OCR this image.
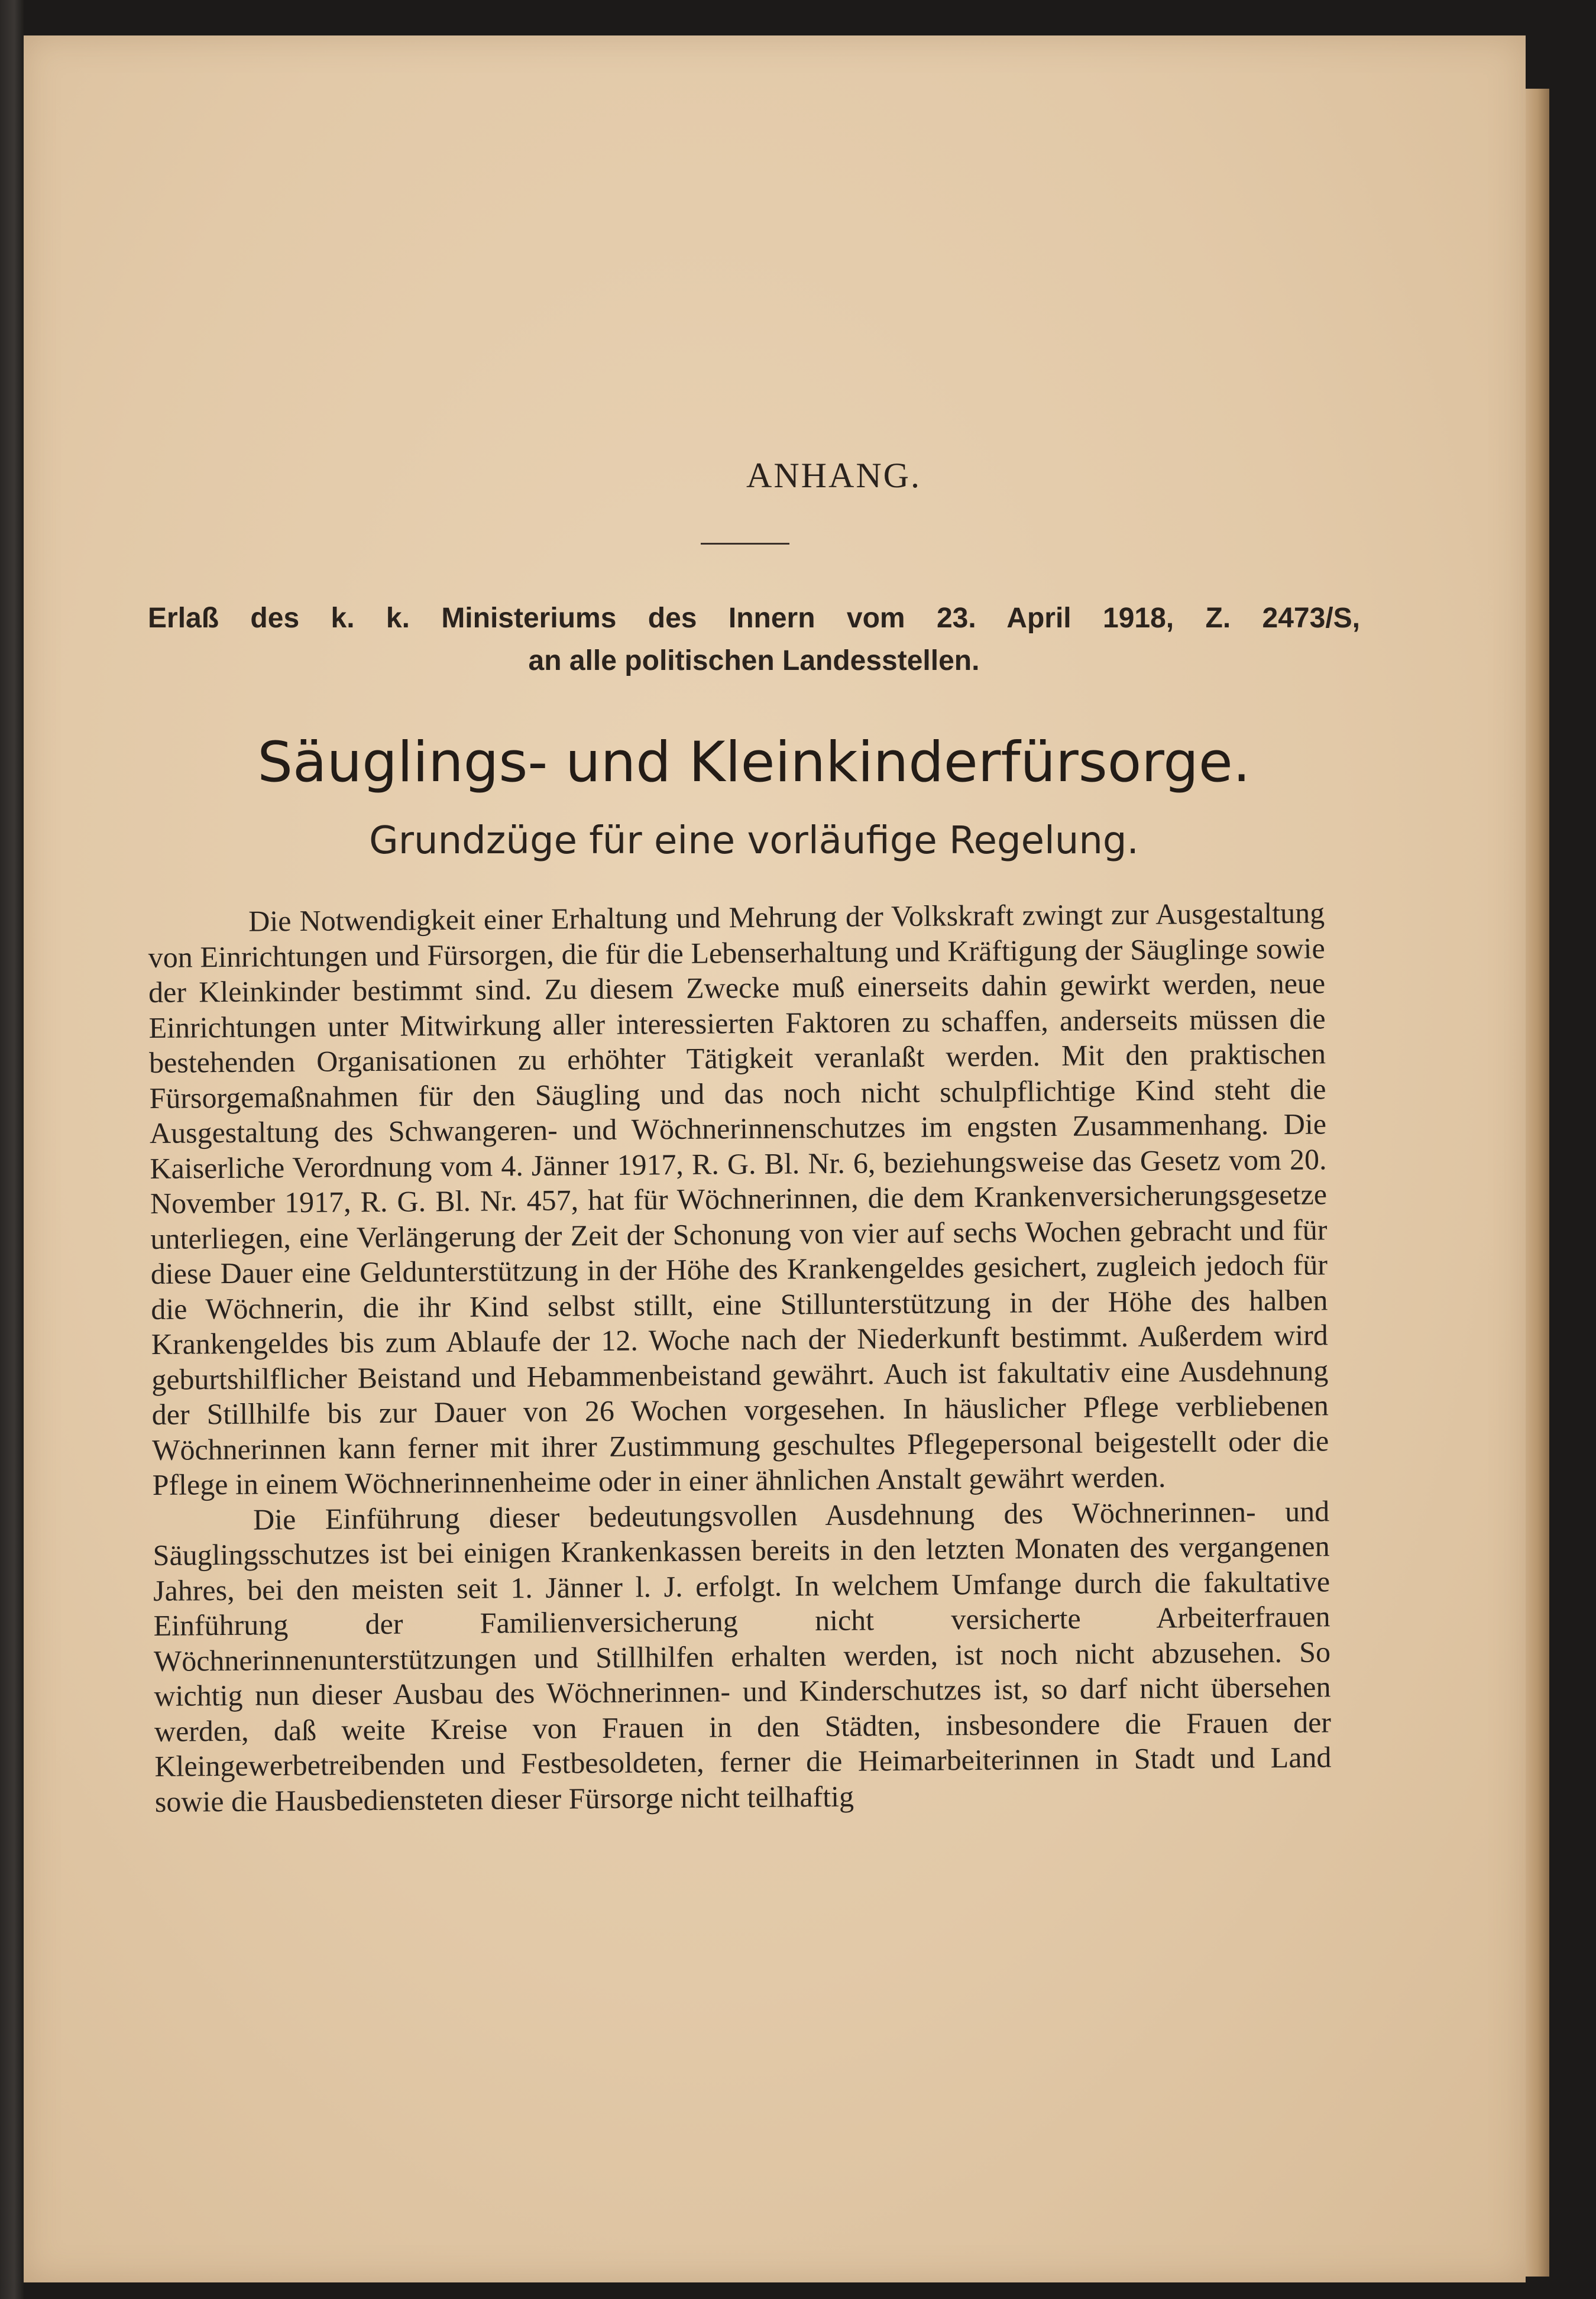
ANHANG.
Erlaß des k. k. Ministeriums des Innern vom 23. April 1918, Z. 2473/S,
an alle politischen Landesstellen.
Säuglings- und Kleinkinderfürsorge.
Grundzüge für eine vorläufige Regelung.

Die Notwendigkeit einer Erhaltung und Mehrung der Volkskraft zwingt zur Ausgestaltung von Einrichtungen und Fürsorgen, die für die Lebenserhaltung und Kräftigung der Säuglinge sowie der Kleinkinder bestimmt sind. Zu diesem Zwecke muß einerseits dahin gewirkt werden, neue Einrichtungen unter Mitwirkung aller interessierten Faktoren zu schaffen, anderseits müssen die bestehenden Organisationen zu erhöhter Tätigkeit veranlaßt werden. Mit den praktischen Fürsorgemaßnahmen für den Säugling und das noch nicht schulpflichtige Kind steht die Ausgestaltung des Schwangeren- und Wöchnerinnenschutzes im engsten Zusammenhang. Die Kaiserliche Verordnung vom 4. Jänner 1917, R. G. Bl. Nr. 6, beziehungsweise das Gesetz vom 20. November 1917, R. G. Bl. Nr. 457, hat für Wöchnerinnen, die dem Krankenversicherungsgesetze unterliegen, eine Verlängerung der Zeit der Schonung von vier auf sechs Wochen gebracht und für diese Dauer eine Geldunterstützung in der Höhe des Krankengeldes gesichert, zugleich jedoch für die Wöchnerin, die ihr Kind selbst stillt, eine Stillunterstützung in der Höhe des halben Krankengeldes bis zum Ablaufe der 12. Woche nach der Niederkunft bestimmt. Außerdem wird geburtshilflicher Beistand und Hebammenbeistand gewährt. Auch ist fakultativ eine Ausdehnung der Stillhilfe bis zur Dauer von 26 Wochen vorgesehen. In häuslicher Pflege verbliebenen Wöchnerinnen kann ferner mit ihrer Zustimmung geschultes Pflegepersonal beigestellt oder die Pflege in einem Wöchnerinnenheime oder in einer ähnlichen Anstalt gewährt werden.

Die Einführung dieser bedeutungsvollen Ausdehnung des Wöchnerinnen- und Säuglingsschutzes ist bei einigen Krankenkassen bereits in den letzten Monaten des vergangenen Jahres, bei den meisten seit 1. Jänner l. J. erfolgt. In welchem Umfange durch die fakultative Einführung der Familienversicherung nicht versicherte Arbeiterfrauen Wöchnerinnenunterstützungen und Stillhilfen erhalten werden, ist noch nicht abzusehen. So wichtig nun dieser Ausbau des Wöchnerinnen- und Kinderschutzes ist, so darf nicht übersehen werden, daß weite Kreise von Frauen in den Städten, insbesondere die Frauen der Kleingewerbetreibenden und Festbesoldeten, ferner die Heimarbeiterinnen in Stadt und Land sowie die Hausbediensteten dieser Fürsorge nicht teilhaftig
